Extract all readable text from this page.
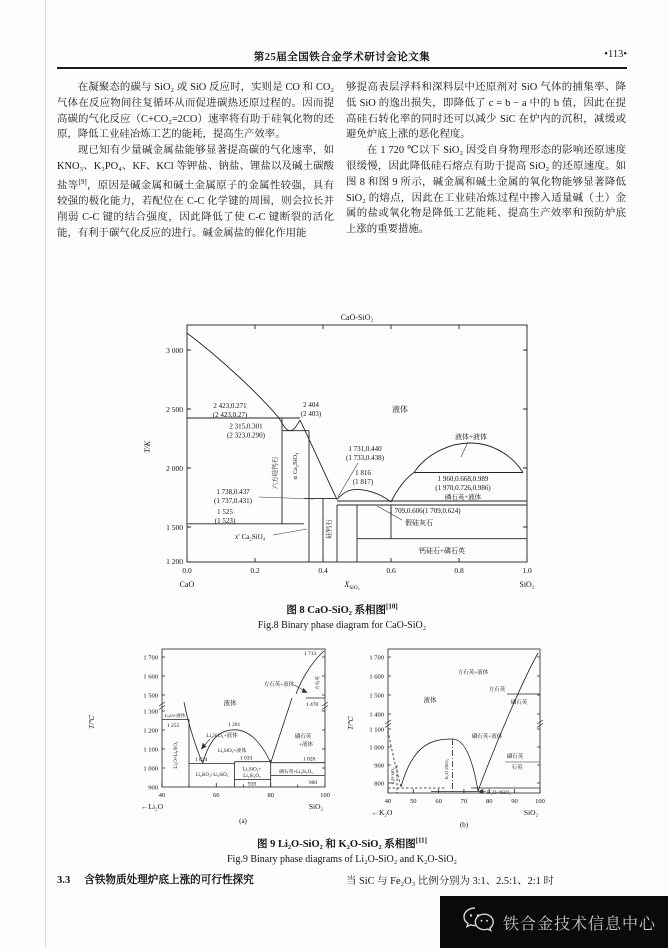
第25届全国铁合金学术研讨会论文集	•113•

在凝聚态的碳与 SiO₂ 或 SiO 反应时，实则是 CO 和 CO₂ 气体在反应物间往复循环从而促进碳热还原过程的。因而提高碳的气化反应（C+CO₂=2CO）速率将有助于硅氧化物的还原，降低工业硅冶炼工艺的能耗，提高生产效率。

现已知有少量碱金属盐能够显著提高碳的气化速率，如 KNO₃、K₃PO₄、KF、KCl 等钾盐、钠盐、锂盐以及碱土碳酸盐等[9]，原因是碱金属和碱土金属原子的金属性较强，具有较强的极化能力，若配位在 C-C 化学键的周围，则会拉长并削弱 C-C 键的结合强度，因此降低了使 C-C 键断裂的活化能，有利于碳气化反应的进行。碱金属盐的催化作用能

够提高表层浮料和深料层中还原剂对 SiO 气体的捕集率、降低 SiO 的逸出损失，即降低了 c = b − a 中的 b 值，因此在提高硅石转化率的同时还可以减少 SiC 在炉内的沉积，减缓或避免炉底上涨的恶化程度。

在 1 720 ℃以下 SiO₂ 因受自身物理形态的影响还原速度很缓慢，因此降低硅石熔点有助于提高 SiO₂ 的还原速度。如图 8 和图 9 所示，碱金属和碱土金属的氧化物能够显著降低 SiO₂ 的熔点，因此在工业硅冶炼过程中掺入适量碱（土）金属的盐或氧化物是降低工艺能耗、提高生产效率和预防炉底上涨的重要措施。

CaO-SiO₂
T/K
3 000
2 500
2 000
1 500
1 200
0.0	0.2	0.4	0.6	0.8	1.0
CaO	$X_{SiO_2}$	SiO₂
2 423,0.271
(2 423,0.27)
2 315,0.301
(2 323,0.290)
2 404
(2 403)
1 731,0.440
(1 733,0.438)
1 816
(1 817)
1 738,0.437
(1 737,0.431)
1 525
(1 523)
1 709,0.606(1 709,0.624)
1 960,0.668,0.989
(1 970,0.726,0.986)
液体
液体+液体
磷石英+液体
假硅灰石
钙硅石+磷石英
六方硅钙石 α Ca₂SiO₄
硅钙石
x′ Ca₂SiO₄
图 8 CaO-SiO₂ 系相图[10]
Fig.8 Binary phase diagram for CaO-SiO₂
T/℃
1 700
1 600
1 500
1 300
1 200
1 100
1 000
900
40	60	80	100
←Li₂O	SiO₂
(a)
液体
Li₂O+液体
1 255
Li₂O+Li₄SiO₄
Li₄SiO₄+液体
1 201
Li₂SiO₃+液体
1 024
Li₄SiO₄+Li₂SiO₃
1 033
Li₂SiO₃+
Li₂Si₂O₅
939
磷石英+Li₂Si₂O₅
1 028
960
磷石英
+液体
方石英+液体	方石英
1 470
1 713
T/℃
1 700
1 600
1 500
1 400
1 100
1 000
900
800
40	50	60	70	80	90	100
←K₂O	SiO₂
(b)
液体
K₂O·SiO₂	K₂O·2SiO₂
K₂O·4SiO₂
方石英+液体
方石英
磷石英
磷石英+液体
磷石英
石英
图 9 Li₂O-SiO₂ 和 K₂O-SiO₂ 系相图[11]
Fig.9 Binary phase diagrams of Li₂O-SiO₂ and K₂O-SiO₂
3.3 含铁物质处理炉底上涨的可行性探究	当 SiC 与 Fe₂O₃ 比例分别为 3:1、2.5:1、2:1 时
铁合金技术信息中心
